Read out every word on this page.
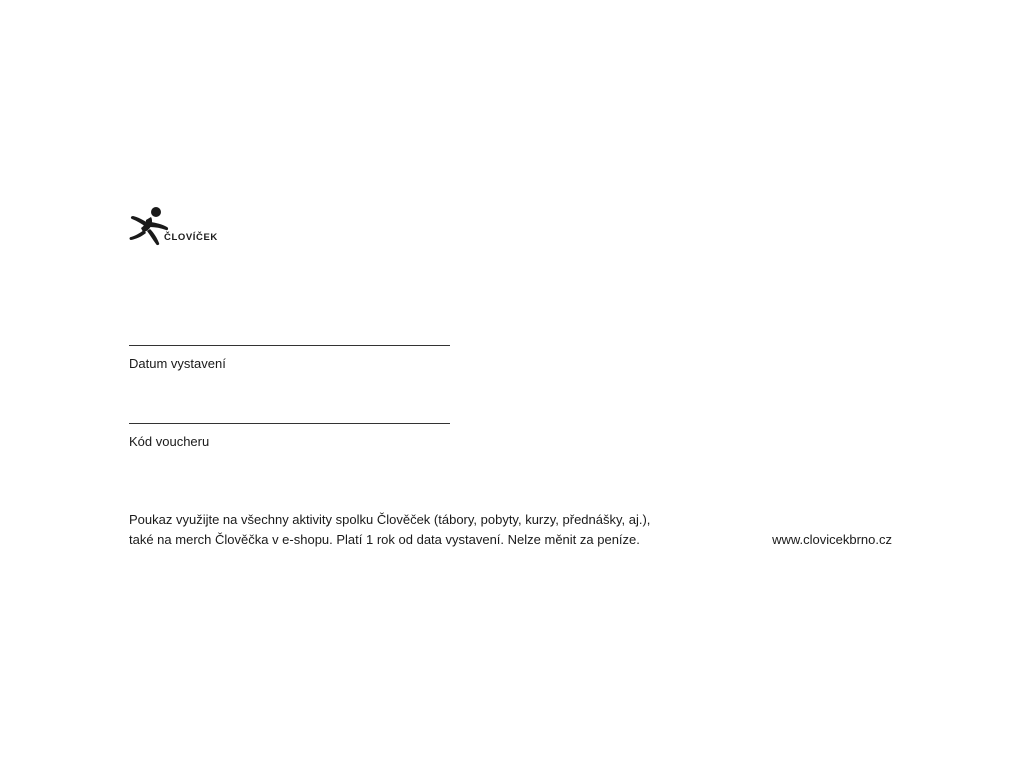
ČLOVÍČEK
Datum vystavení
Kód voucheru
Poukaz využijte na všechny aktivity spolku Člověček (tábory, pobyty, kurzy, přednášky, aj.),
také na merch Člověčka v e-shopu. Platí 1 rok od data vystavení. Nelze měnit za peníze.	www.clovicekbrno.cz
